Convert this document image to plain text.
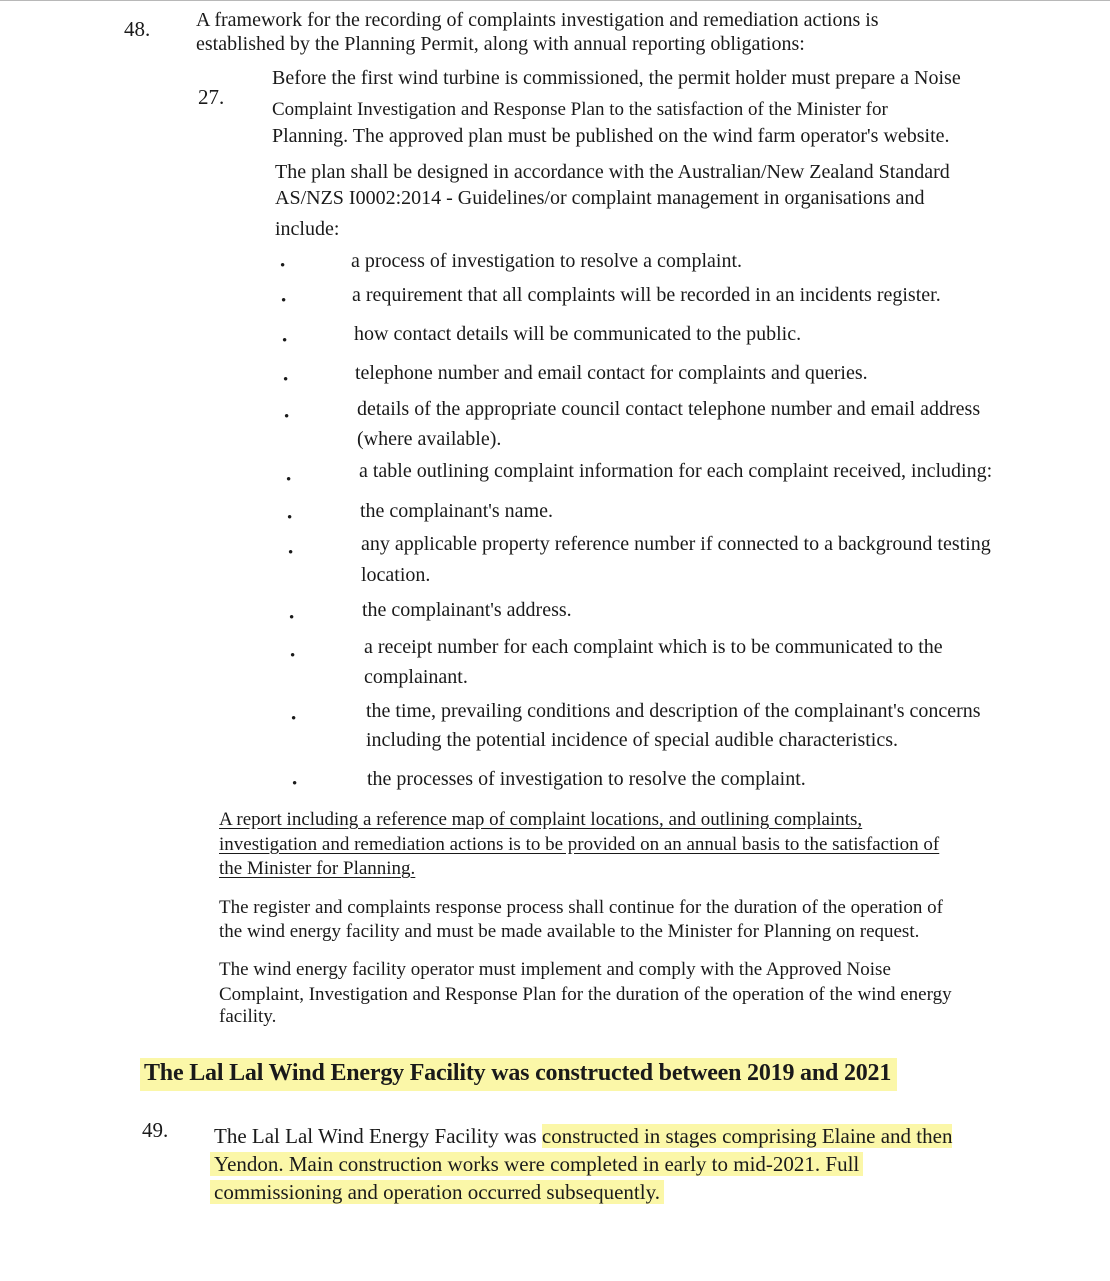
48. A framework for the recording of complaints investigation and remediation actions is
established by the Planning Permit, along with annual reporting obligations:
27.
Before the first wind turbine is commissioned, the permit holder must prepare a Noise
Complaint Investigation and Response Plan to the satisfaction of the Minister for
Planning. The approved plan must be published on the wind farm operator's website.
The plan shall be designed in accordance with the Australian/New Zealand Standard
AS/NZS I0002:2014 - Guidelines/or complaint management in organisations and
include:
•	a process of investigation to resolve a complaint.
•	a requirement that all complaints will be recorded in an incidents register.
•	how contact details will be communicated to the public.
•	telephone number and email contact for complaints and queries.
•	details of the appropriate council contact telephone number and email address
(where available).
•	a table outlining complaint information for each complaint received, including:
•	the complainant's name.
•	any applicable property reference number if connected to a background testing
location.
•	the complainant's address.
•	a receipt number for each complaint which is to be communicated to the
complainant.
•	the time, prevailing conditions and description of the complainant's concerns
including the potential incidence of special audible characteristics.
•	the processes of investigation to resolve the complaint.
A report including a reference map of complaint locations, and outlining complaints,
investigation and remediation actions is to be provided on an annual basis to the satisfaction of
the Minister for Planning.
The register and complaints response process shall continue for the duration of the operation of
the wind energy facility and must be made available to the Minister for Planning on request.
The wind energy facility operator must implement and comply with the Approved Noise
Complaint, Investigation and Response Plan for the duration of the operation of the wind energy
facility.
The Lal Lal Wind Energy Facility was constructed between 2019 and 2021
49. The Lal Lal Wind Energy Facility was constructed in stages comprising Elaine and then
Yendon. Main construction works were completed in early to mid-2021. Full
commissioning and operation occurred subsequently.
